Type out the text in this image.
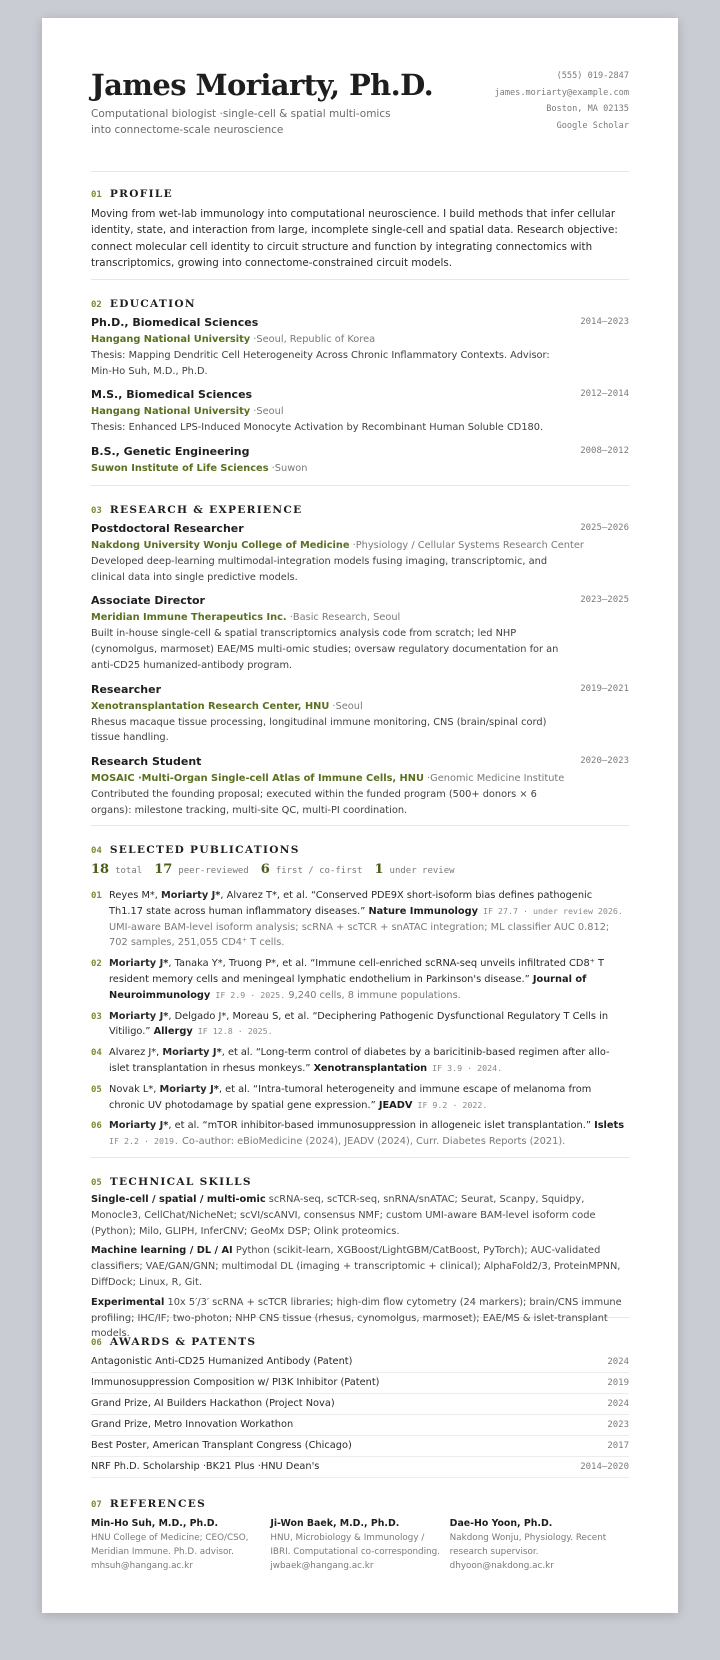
James Moriarty, Ph.D.
Computational biologist ·single-cell & spatial multi-omics into connectome-scale neuroscience
(555) 019-2847
james.moriarty@example.com
Boston, MA 02135
Google Scholar
01 PROFILE
Moving from wet-lab immunology into computational neuroscience. I build methods that infer cellular identity, state, and interaction from large, incomplete single-cell and spatial data. Research objective: connect molecular cell identity to circuit structure and function by integrating connectomics with transcriptomics, growing into connectome-constrained circuit models.
02 EDUCATION
Ph.D., Biomedical Sciences	2014–2023
Hangang National University ·Seoul, Republic of Korea
Thesis: Mapping Dendritic Cell Heterogeneity Across Chronic Inflammatory Contexts. Advisor: Min-Ho Suh, M.D., Ph.D.
M.S., Biomedical Sciences	2012–2014
Hangang National University ·Seoul
Thesis: Enhanced LPS-Induced Monocyte Activation by Recombinant Human Soluble CD180.
B.S., Genetic Engineering	2008–2012
Suwon Institute of Life Sciences ·Suwon
03 RESEARCH & EXPERIENCE
Postdoctoral Researcher	2025–2026
Nakdong University Wonju College of Medicine ·Physiology / Cellular Systems Research Center
Developed deep-learning multimodal-integration models fusing imaging, transcriptomic, and clinical data into single predictive models.
Associate Director	2023–2025
Meridian Immune Therapeutics Inc. ·Basic Research, Seoul
Built in-house single-cell & spatial transcriptomics analysis code from scratch; led NHP (cynomolgus, marmoset) EAE/MS multi-omic studies; oversaw regulatory documentation for an anti-CD25 humanized-antibody program.
Researcher	2019–2021
Xenotransplantation Research Center, HNU ·Seoul
Rhesus macaque tissue processing, longitudinal immune monitoring, CNS (brain/spinal cord) tissue handling.
Research Student	2020–2023
MOSAIC ·Multi-Organ Single-cell Atlas of Immune Cells, HNU ·Genomic Medicine Institute
Contributed the founding proposal; executed within the funded program (500+ donors × 6 organs): milestone tracking, multi-site QC, multi-PI coordination.
04 SELECTED PUBLICATIONS
18 total 17 peer-reviewed 6 first / co-first 1 under review
01 Reyes M*, Moriarty J*, Alvarez T*, et al. “Conserved PDE9X short-isoform bias defines pathogenic Th1.17 state across human inflammatory diseases.” Nature Immunology IF 27.7 · under review 2026. UMI-aware BAM-level isoform analysis; scRNA + scTCR + snATAC integration; ML classifier AUC 0.812; 702 samples, 251,055 CD4⁺ T cells.
02 Moriarty J*, Tanaka Y*, Truong P*, et al. “Immune cell-enriched scRNA-seq unveils infiltrated CD8⁺ T resident memory cells and meningeal lymphatic endothelium in Parkinson's disease.” Journal of Neuroimmunology IF 2.9 · 2025. 9,240 cells, 8 immune populations.
03 Moriarty J*, Delgado J*, Moreau S, et al. “Deciphering Pathogenic Dysfunctional Regulatory T Cells in Vitiligo.” Allergy IF 12.8 · 2025.
04 Alvarez J*, Moriarty J*, et al. “Long-term control of diabetes by a baricitinib-based regimen after allo-islet transplantation in rhesus monkeys.” Xenotransplantation IF 3.9 · 2024.
05 Novak L*, Moriarty J*, et al. “Intra-tumoral heterogeneity and immune escape of melanoma from chronic UV photodamage by spatial gene expression.” JEADV IF 9.2 · 2022.
06 Moriarty J*, et al. “mTOR inhibitor-based immunosuppression in allogeneic islet transplantation.” Islets IF 2.2 · 2019. Co-author: eBioMedicine (2024), JEADV (2024), Curr. Diabetes Reports (2021).
05 TECHNICAL SKILLS
Single-cell / spatial / multi-omic scRNA-seq, scTCR-seq, snRNA/snATAC; Seurat, Scanpy, Squidpy, Monocle3, CellChat/NicheNet; scVI/scANVI, consensus NMF; custom UMI-aware BAM-level isoform code (Python); Milo, GLIPH, InferCNV; GeoMx DSP; Olink proteomics.
Machine learning / DL / AI Python (scikit-learn, XGBoost/LightGBM/CatBoost, PyTorch); AUC-validated classifiers; VAE/GAN/GNN; multimodal DL (imaging + transcriptomic + clinical); AlphaFold2/3, ProteinMPNN, DiffDock; Linux, R, Git.
Experimental 10x 5′/3′ scRNA + scTCR libraries; high-dim flow cytometry (24 markers); brain/CNS immune profiling; IHC/IF; two-photon; NHP CNS tissue (rhesus, cynomolgus, marmoset); EAE/MS & islet-transplant models.
06 AWARDS & PATENTS
Antagonistic Anti-CD25 Humanized Antibody (Patent)	2024
Immunosuppression Composition w/ PI3K Inhibitor (Patent)	2019
Grand Prize, AI Builders Hackathon (Project Nova)	2024
Grand Prize, Metro Innovation Workathon	2023
Best Poster, American Transplant Congress (Chicago)	2017
NRF Ph.D. Scholarship ·BK21 Plus ·HNU Dean's	2014–2020
07 REFERENCES
Min-Ho Suh, M.D., Ph.D.
HNU College of Medicine; CEO/CSO, Meridian Immune. Ph.D. advisor.
mhsuh@hangang.ac.kr
Ji-Won Baek, M.D., Ph.D.
HNU, Microbiology & Immunology / IBRI. Computational co-corresponding.
jwbaek@hangang.ac.kr
Dae-Ho Yoon, Ph.D.
Nakdong Wonju, Physiology. Recent research supervisor.
dhyoon@nakdong.ac.kr
